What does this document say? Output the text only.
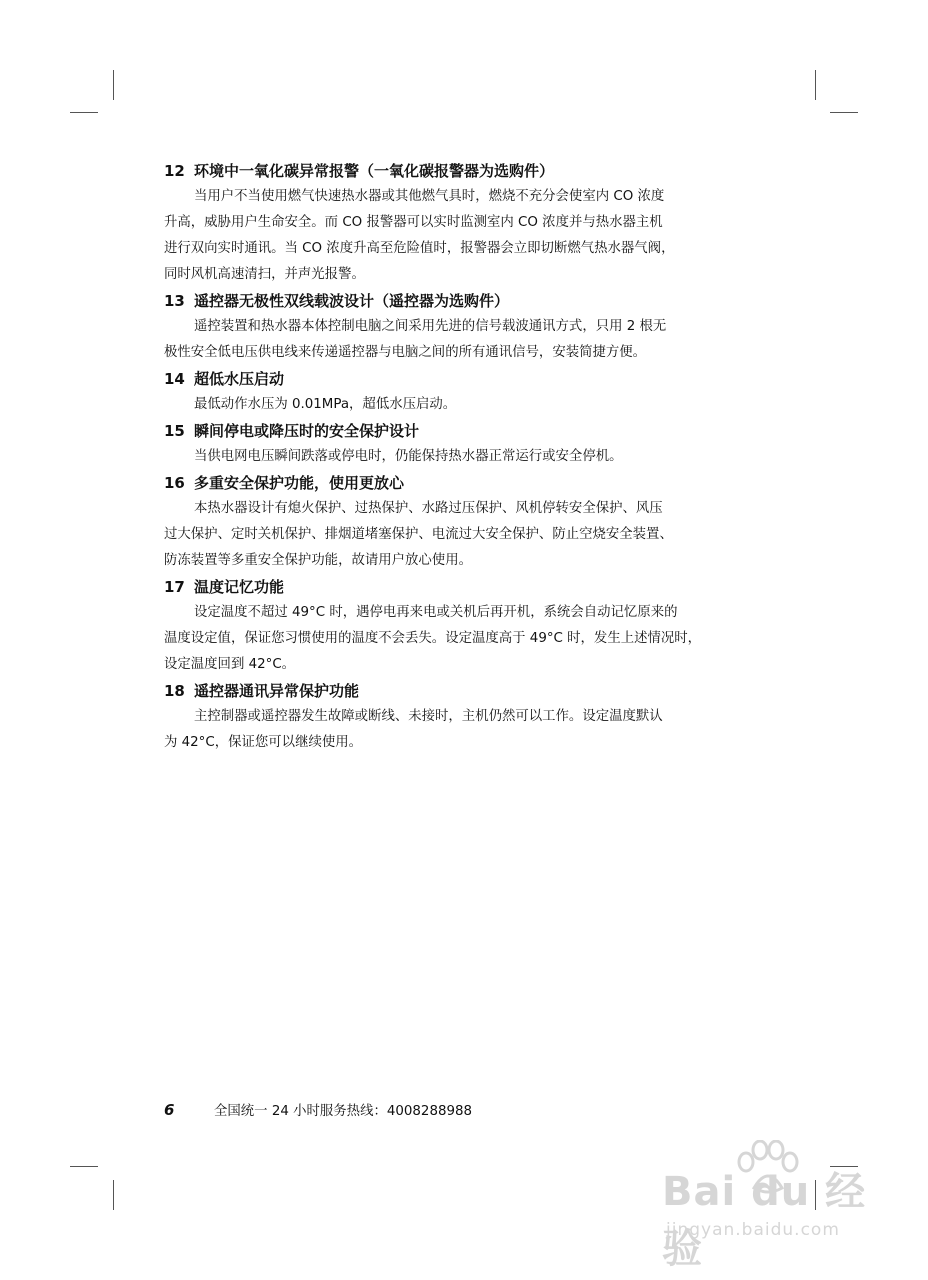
12 环境中一氧化碳异常报警（一氧化碳报警器为选购件）
当用户不当使用燃气快速热水器或其他燃气具时，燃烧不充分会使室内 CO 浓度
升高，威胁用户生命安全。而 CO 报警器可以实时监测室内 CO 浓度并与热水器主机
进行双向实时通讯。当 CO 浓度升高至危险值时，报警器会立即切断燃气热水器气阀，
同时风机高速清扫，并声光报警。
13 遥控器无极性双线载波设计（遥控器为选购件）
遥控装置和热水器本体控制电脑之间采用先进的信号载波通讯方式，只用 2 根无
极性安全低电压供电线来传递遥控器与电脑之间的所有通讯信号，安装简捷方便。
14 超低水压启动
最低动作水压为 0.01MPa，超低水压启动。
15 瞬间停电或降压时的安全保护设计
当供电网电压瞬间跌落或停电时，仍能保持热水器正常运行或安全停机。
16 多重安全保护功能，使用更放心
本热水器设计有熄火保护、过热保护、水路过压保护、风机停转安全保护、风压
过大保护、定时关机保护、排烟道堵塞保护、电流过大安全保护、防止空烧安全装置、
防冻装置等多重安全保护功能，故请用户放心使用。
17 温度记忆功能
设定温度不超过 49°C 时，遇停电再来电或关机后再开机，系统会自动记忆原来的
温度设定值，保证您习惯使用的温度不会丢失。设定温度高于 49°C 时，发生上述情况时，
设定温度回到 42°C。
18 遥控器通讯异常保护功能
主控制器或遥控器发生故障或断线、未接时，主机仍然可以工作。设定温度默认
为 42°C，保证您可以继续使用。
6	全国统一 24 小时服务热线：4008288988
Bai du 经验
jingyan.baidu.com
